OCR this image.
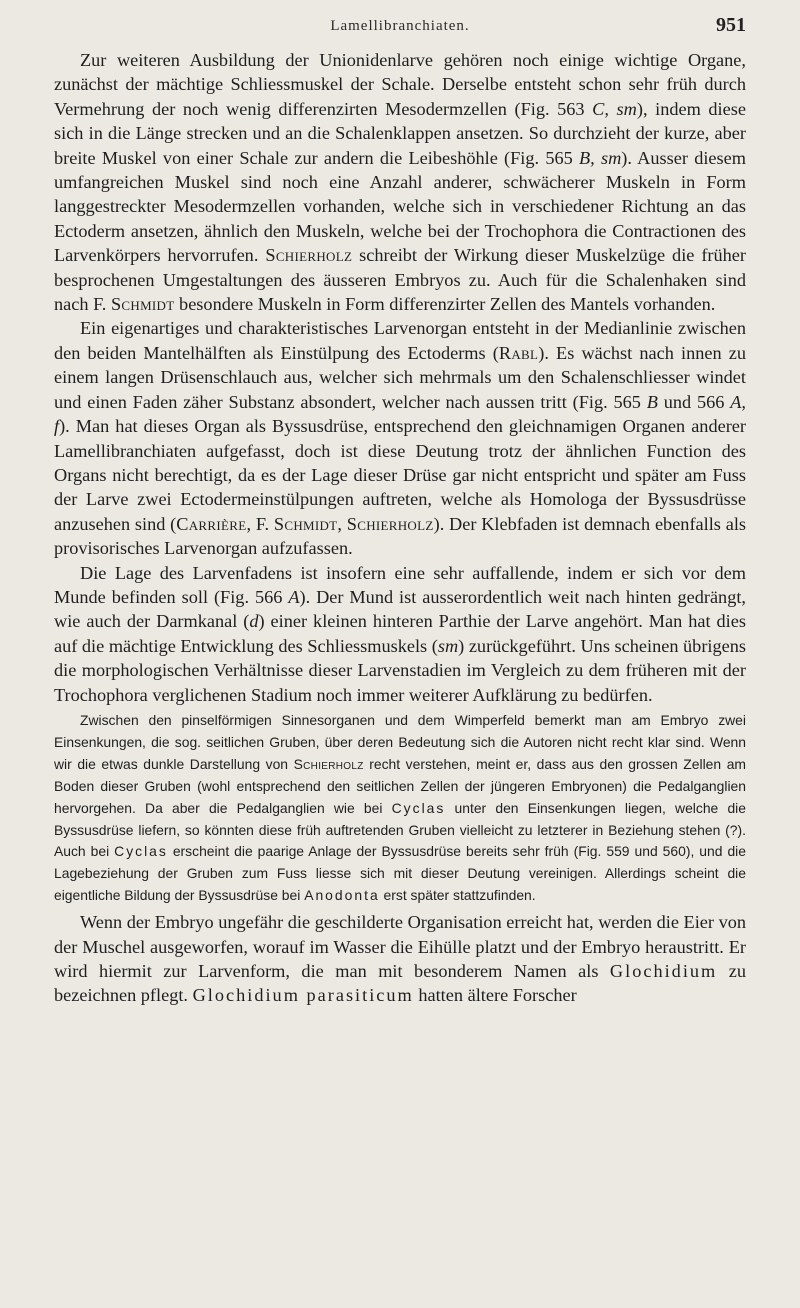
Lamellibranchiaten.	951

Zur weiteren Ausbildung der Unionidenlarve gehören noch einige wichtige Organe, zunächst der mächtige Schliessmuskel der Schale. Derselbe entsteht schon sehr früh durch Vermehrung der noch wenig differenzirten Mesodermzellen (Fig. 563 C, sm), indem diese sich in die Länge strecken und an die Schalenklappen ansetzen. So durchzieht der kurze, aber breite Muskel von einer Schale zur andern die Leibeshöhle (Fig. 565 B, sm). Ausser diesem umfangreichen Muskel sind noch eine Anzahl anderer, schwächerer Muskeln in Form langgestreckter Mesodermzellen vorhanden, welche sich in verschiedener Richtung an das Ectoderm ansetzen, ähnlich den Muskeln, welche bei der Trochophora die Contractionen des Larvenkörpers hervorrufen. Schierholz schreibt der Wirkung dieser Muskelzüge die früher besprochenen Umgestaltungen des äusseren Embryos zu. Auch für die Schalenhaken sind nach F. Schmidt besondere Muskeln in Form differenzirter Zellen des Mantels vorhanden.

Ein eigenartiges und charakteristisches Larvenorgan entsteht in der Medianlinie zwischen den beiden Mantelhälften als Einstülpung des Ectoderms (Rabl). Es wächst nach innen zu einem langen Drüsenschlauch aus, welcher sich mehrmals um den Schalenschliesser windet und einen Faden zäher Substanz absondert, welcher nach aussen tritt (Fig. 565 B und 566 A, f). Man hat dieses Organ als Byssusdrüse, entsprechend den gleichnamigen Organen anderer Lamellibranchiaten aufgefasst, doch ist diese Deutung trotz der ähnlichen Function des Organs nicht berechtigt, da es der Lage dieser Drüse gar nicht entspricht und später am Fuss der Larve zwei Ectodermeinstülpungen auftreten, welche als Homologa der Byssusdrüsse anzusehen sind (Carrière, F. Schmidt, Schierholz). Der Klebfaden ist demnach ebenfalls als provisorisches Larvenorgan aufzufassen.

Die Lage des Larvenfadens ist insofern eine sehr auffallende, indem er sich vor dem Munde befinden soll (Fig. 566 A). Der Mund ist ausserordentlich weit nach hinten gedrängt, wie auch der Darmkanal (d) einer kleinen hinteren Parthie der Larve angehört. Man hat dies auf die mächtige Entwicklung des Schliessmuskels (sm) zurückgeführt. Uns scheinen übrigens die morphologischen Verhältnisse dieser Larvenstadien im Vergleich zu dem früheren mit der Trochophora verglichenen Stadium noch immer weiterer Aufklärung zu bedürfen.

Zwischen den pinselförmigen Sinnesorganen und dem Wimperfeld bemerkt man am Embryo zwei Einsenkungen, die sog. seitlichen Gruben, über deren Bedeutung sich die Autoren nicht recht klar sind. Wenn wir die etwas dunkle Darstellung von Schierholz recht verstehen, meint er, dass aus den grossen Zellen am Boden dieser Gruben (wohl entsprechend den seitlichen Zellen der jüngeren Embryonen) die Pedalganglien hervorgehen. Da aber die Pedalganglien wie bei Cyclas unter den Einsenkungen liegen, welche die Byssusdrüse liefern, so könnten diese früh auftretenden Gruben vielleicht zu letzterer in Beziehung stehen (?). Auch bei Cyclas erscheint die paarige Anlage der Byssusdrüse bereits sehr früh (Fig. 559 und 560), und die Lagebeziehung der Gruben zum Fuss liesse sich mit dieser Deutung vereinigen. Allerdings scheint die eigentliche Bildung der Byssusdrüse bei Anodonta erst später stattzufinden.

Wenn der Embryo ungefähr die geschilderte Organisation erreicht hat, werden die Eier von der Muschel ausgeworfen, worauf im Wasser die Eihülle platzt und der Embryo heraustritt. Er wird hiermit zur Larvenform, die man mit besonderem Namen als Glochidium zu bezeichnen pflegt. Glochidium parasiticum hatten ältere Forscher
